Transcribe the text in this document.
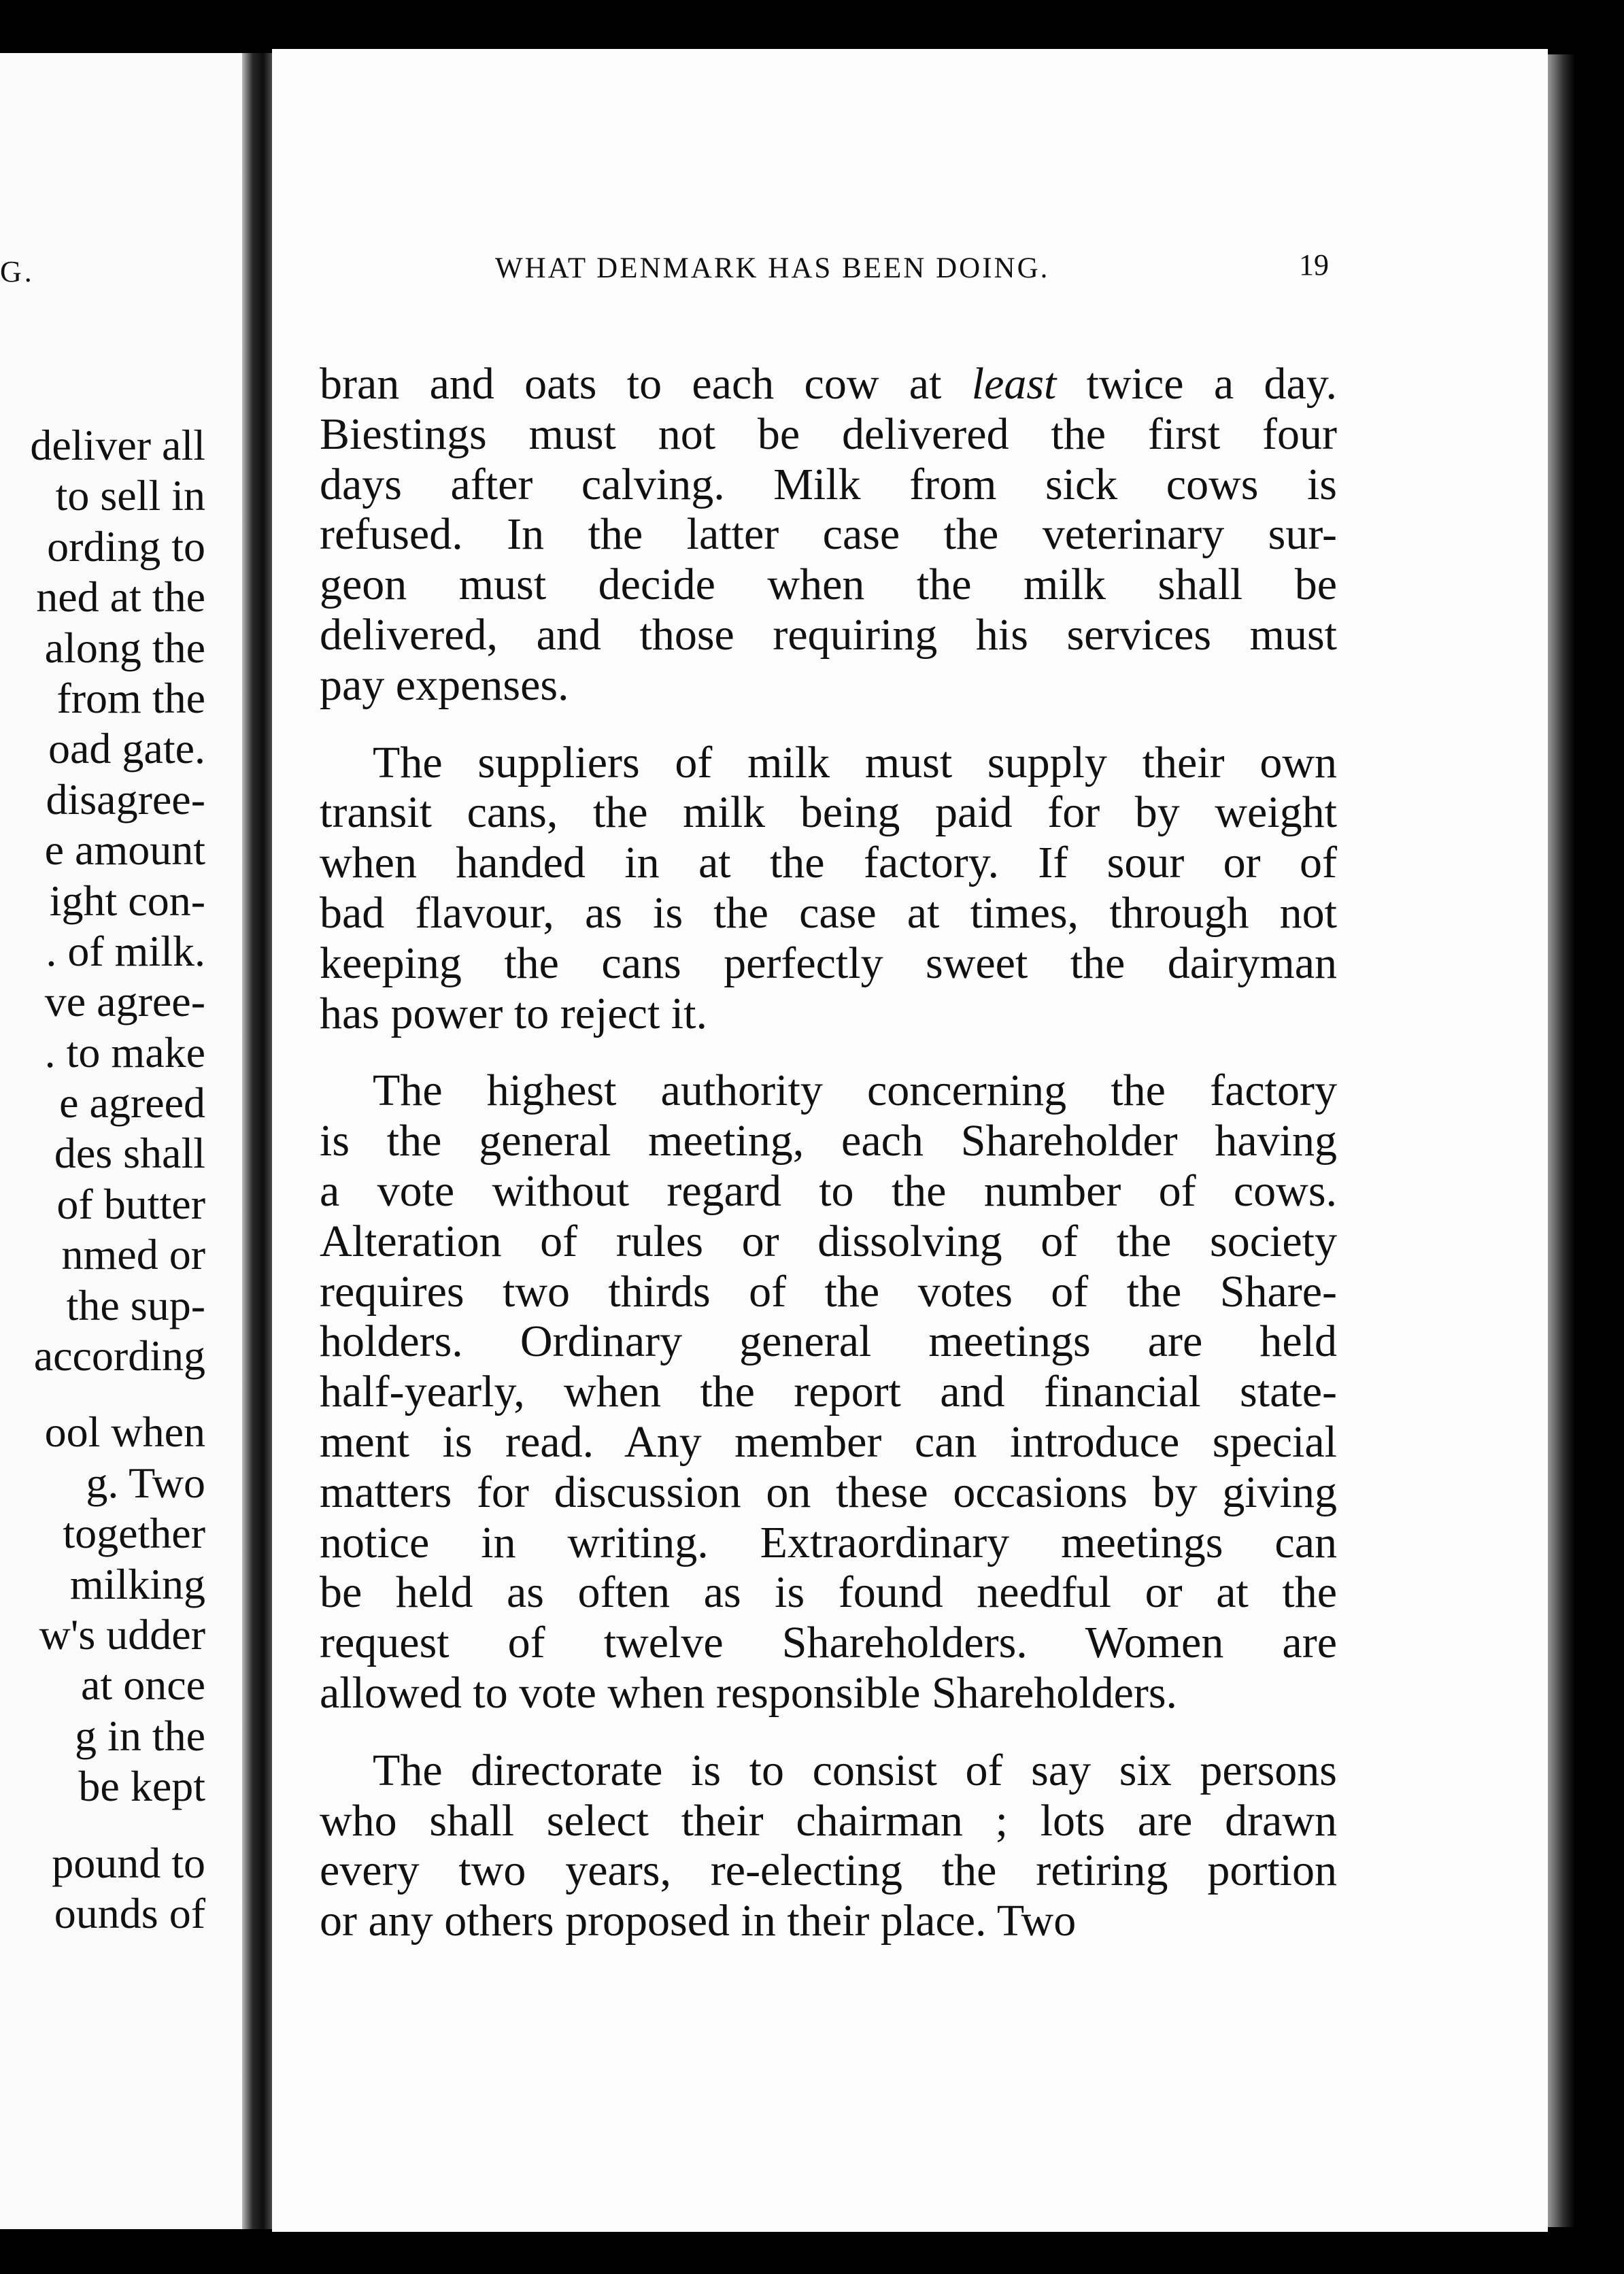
G.
deliver all
to sell in
ording to
ned at the
along the
from the
oad gate.
disagree-
e amount
ight con-
. of milk.
ve agree-
. to make
e agreed
des shall
of butter
nmed or
the sup-
according
ool when
g. Two
together
milking
w's udder
at once
g in the
be kept
pound to
ounds of
WHAT DENMARK HAS BEEN DOING.	19

bran and oats to each cow at least twice a day.
Biestings must not be delivered the first four
days after calving. Milk from sick cows is
refused. In the latter case the veterinary sur-
geon must decide when the milk shall be
delivered, and those requiring his services must
pay expenses.

The suppliers of milk must supply their own
transit cans, the milk being paid for by weight
when handed in at the factory. If sour or of
bad flavour, as is the case at times, through not
keeping the cans perfectly sweet the dairyman
has power to reject it.

The highest authority concerning the factory
is the general meeting, each Shareholder having
a vote without regard to the number of cows.
Alteration of rules or dissolving of the society
requires two thirds of the votes of the Share-
holders. Ordinary general meetings are held
half-yearly, when the report and financial state-
ment is read. Any member can introduce special
matters for discussion on these occasions by giving
notice in writing. Extraordinary meetings can
be held as often as is found needful or at the
request of twelve Shareholders. Women are
allowed to vote when responsible Shareholders.

The directorate is to consist of say six persons
who shall select their chairman ; lots are drawn
every two years, re-electing the retiring portion
or any others proposed in their place. Two
